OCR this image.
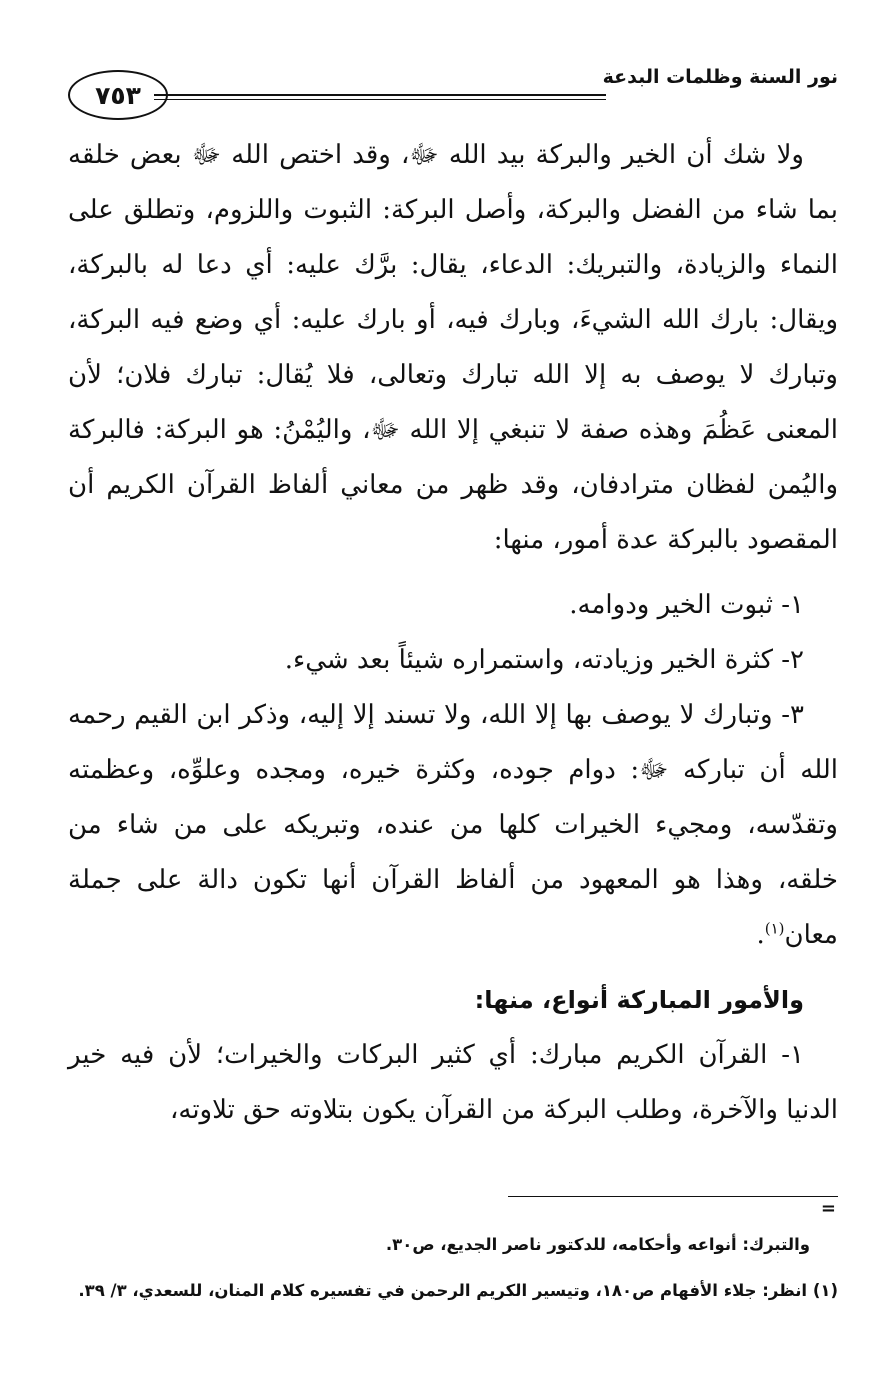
نور السنة وظلمات البدعة
٧٥٣

ولا شك أن الخير والبركة بيد الله ﷻ، وقد اختص الله ﷻ بعض خلقه بما شاء من الفضل والبركة، وأصل البركة: الثبوت واللزوم، وتطلق على النماء والزيادة، والتبريك: الدعاء، يقال: برَّك عليه: أي دعا له بالبركة، ويقال: بارك الله الشيءَ، وبارك فيه، أو بارك عليه: أي وضع فيه البركة، وتبارك لا يوصف به إلا الله تبارك وتعالى، فلا يُقال: تبارك فلان؛ لأن المعنى عَظُمَ وهذه صفة لا تنبغي إلا الله ﷻ، واليُمْنُ: هو البركة: فالبركة واليُمن لفظان مترادفان، وقد ظهر من معاني ألفاظ القرآن الكريم أن المقصود بالبركة عدة أمور، منها:

١- ثبوت الخير ودوامه.

٢- كثرة الخير وزيادته، واستمراره شيئاً بعد شيء.

٣- وتبارك لا يوصف بها إلا الله، ولا تسند إلا إليه، وذكر ابن القيم رحمه الله أن تباركه ﷻ: دوام جوده، وكثرة خيره، ومجده وعلوِّه، وعظمته وتقدّسه، ومجيء الخيرات كلها من عنده، وتبريكه على من شاء من خلقه، وهذا هو المعهود من ألفاظ القرآن أنها تكون دالة على جملة معان$^{(١)}$.

والأمور المباركة أنواع، منها:

١- القرآن الكريم مبارك: أي كثير البركات والخيرات؛ لأن فيه خير الدنيا والآخرة، وطلب البركة من القرآن يكون بتلاوته حق تلاوته،

=

والتبرك: أنواعه وأحكامه، للدكتور ناصر الجديع، ص٣٠.

(١) انظر: جلاء الأفهام ص١٨٠، وتيسير الكريم الرحمن في تفسيره كلام المنان، للسعدي، ٣/ ٣٩.
